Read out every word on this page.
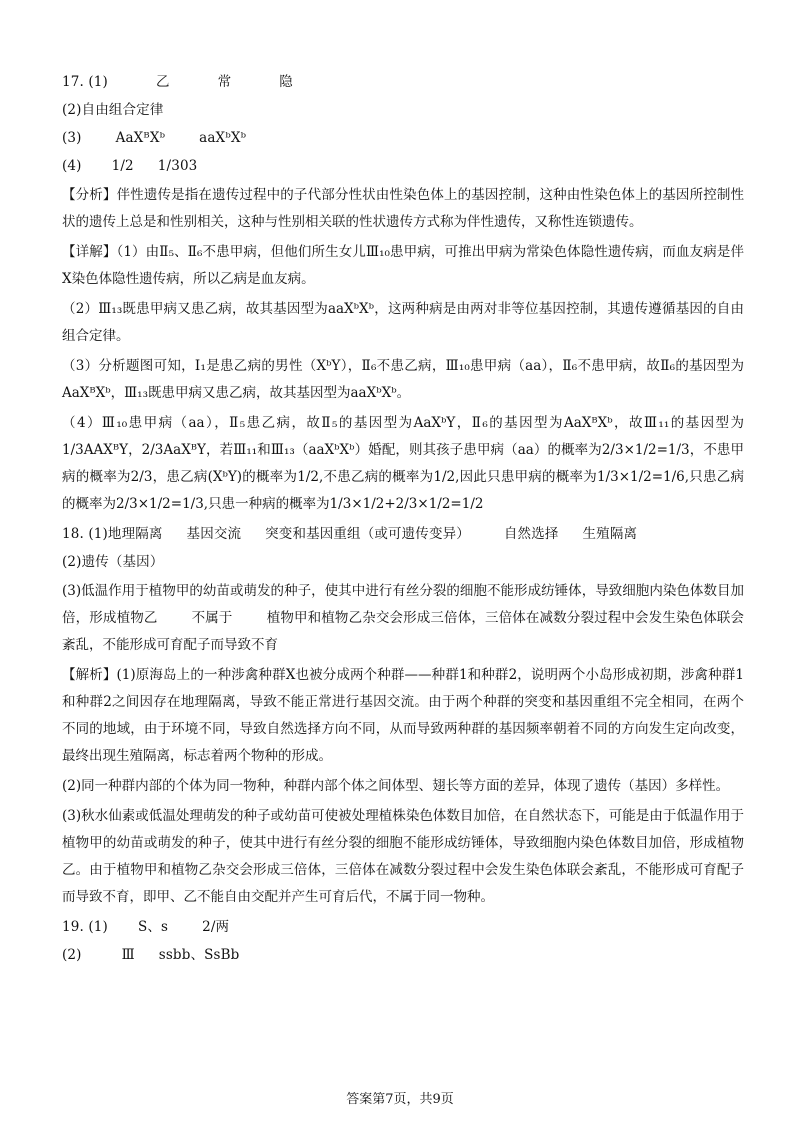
17. (1)	乙	常	隐
(2)自由组合定律
(3)	AaXᴮXᵇ	aaXᵇXᵇ
(4) 1/2 1/303
【分析】伴性遗传是指在遗传过程中的子代部分性状由性染色体上的基因控制，这种由性染色体上的基因所控制性状的遗传上总是和性别相关，这种与性别相关联的性状遗传方式称为伴性遗传，又称性连锁遗传。
【详解】（1）由Ⅱ₅、Ⅱ₆不患甲病，但他们所生女儿Ⅲ₁₀患甲病，可推出甲病为常染色体隐性遗传病，而血友病是伴X染色体隐性遗传病，所以乙病是血友病。
（2）Ⅲ₁₃既患甲病又患乙病，故其基因型为aaXᵇXᵇ，这两种病是由两对非等位基因控制，其遗传遵循基因的自由组合定律。
（3）分析题图可知，Ⅰ₁是患乙病的男性（XᵇY），Ⅱ₆不患乙病，Ⅲ₁₀患甲病（aa），Ⅱ₆不患甲病，故Ⅱ₆的基因型为AaXᴮXᵇ，Ⅲ₁₃既患甲病又患乙病，故其基因型为aaXᵇXᵇ。
（4）Ⅲ₁₀患甲病（aa），Ⅱ₅患乙病，故Ⅱ₅的基因型为AaXᵇY，Ⅱ₆的基因型为AaXᴮXᵇ，故Ⅲ₁₁的基因型为1/3AAXᴮY，2/3AaXᴮY，若Ⅲ₁₁和Ⅲ₁₃（aaXᵇXᵇ）婚配，则其孩子患甲病（aa）的概率为2/3×1/2=1/3，不患甲病的概率为2/3，患乙病(XᵇY)的概率为1/2,不患乙病的概率为1/2,因此只患甲病的概率为1/3×1/2=1/6,只患乙病的概率为2/3×1/2=1/3,只患一种病的概率为1/3×1/2+2/3×1/2=1/2
18. (1)地理隔离 基因交流 突变和基因重组（或可遗传变异）	自然选择 生殖隔离
(2)遗传（基因）
(3)低温作用于植物甲的幼苗或萌发的种子，使其中进行有丝分裂的细胞不能形成纺锤体，导致细胞内染色体数目加倍，形成植物乙	不属于	植物甲和植物乙杂交会形成三倍体，三倍体在减数分裂过程中会发生染色体联会紊乱，不能形成可育配子而导致不育
【解析】(1)原海岛上的一种涉禽种群X也被分成两个种群——种群1和种群2，说明两个小岛形成初期，涉禽种群1和种群2之间因存在地理隔离，导致不能正常进行基因交流。由于两个种群的突变和基因重组不完全相同，在两个不同的地域，由于环境不同，导致自然选择方向不同，从而导致两种群的基因频率朝着不同的方向发生定向改变，最终出现生殖隔离，标志着两个物种的形成。
(2)同一种群内部的个体为同一物种，种群内部个体之间体型、翅长等方面的差异，体现了遗传（基因）多样性。
(3)秋水仙素或低温处理萌发的种子或幼苗可使被处理植株染色体数目加倍，在自然状态下，可能是由于低温作用于植物甲的幼苗或萌发的种子，使其中进行有丝分裂的细胞不能形成纺锤体，导致细胞内染色体数目加倍，形成植物乙。由于植物甲和植物乙杂交会形成三倍体，三倍体在减数分裂过程中会发生染色体联会紊乱，不能形成可育配子而导致不育，即甲、乙不能自由交配并产生可育后代，不属于同一物种。
19. (1) S、s	2/两
(2)	Ⅲ ssbb、SsBb
答案第7页，共9页
